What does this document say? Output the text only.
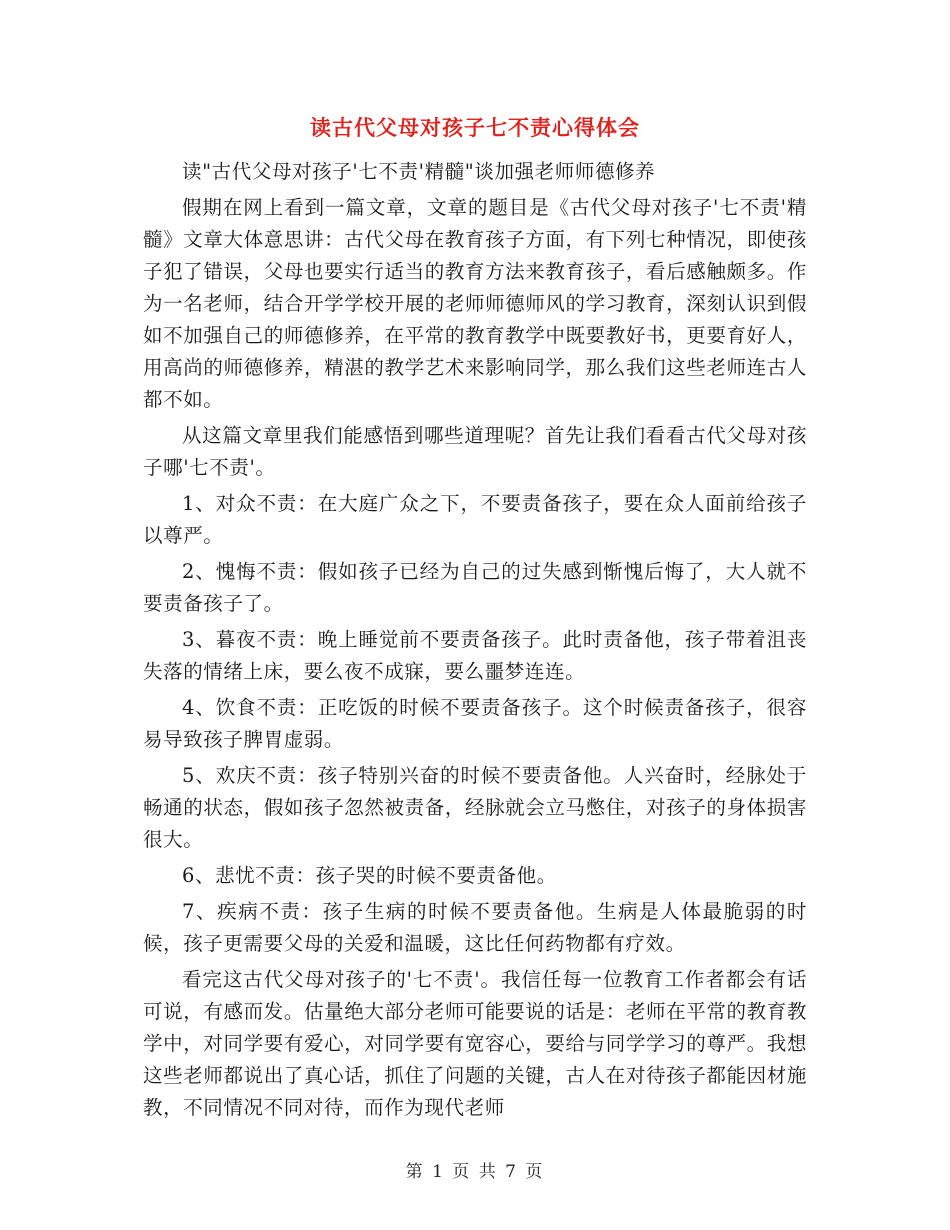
读古代父母对孩子七不责心得体会

读"古代父母对孩子'七不责'精髓"谈加强老师师德修养

假期在网上看到一篇文章，文章的题目是《古代父母对孩子'七不责'精髓》文章大体意思讲：古代父母在教育孩子方面，有下列七种情况，即使孩子犯了错误，父母也要实行适当的教育方法来教育孩子，看后感触颇多。作为一名老师，结合开学学校开展的老师师德师风的学习教育，深刻认识到假如不加强自己的师德修养，在平常的教育教学中既要教好书，更要育好人，用高尚的师德修养，精湛的教学艺术来影响同学，那么我们这些老师连古人都不如。

从这篇文章里我们能感悟到哪些道理呢？首先让我们看看古代父母对孩子哪'七不责'。

1、对众不责：在大庭广众之下，不要责备孩子，要在众人面前给孩子以尊严。

2、愧悔不责：假如孩子已经为自己的过失感到惭愧后悔了，大人就不要责备孩子了。

3、暮夜不责：晚上睡觉前不要责备孩子。此时责备他，孩子带着沮丧失落的情绪上床，要么夜不成寐，要么噩梦连连。

4、饮食不责：正吃饭的时候不要责备孩子。这个时候责备孩子，很容易导致孩子脾胃虚弱。

5、欢庆不责：孩子特别兴奋的时候不要责备他。人兴奋时，经脉处于畅通的状态，假如孩子忽然被责备，经脉就会立马憋住，对孩子的身体损害很大。

6、悲忧不责：孩子哭的时候不要责备他。

7、疾病不责：孩子生病的时候不要责备他。生病是人体最脆弱的时候，孩子更需要父母的关爱和温暖，这比任何药物都有疗效。

看完这古代父母对孩子的'七不责'。我信任每一位教育工作者都会有话可说，有感而发。估量绝大部分老师可能要说的话是：老师在平常的教育教学中，对同学要有爱心，对同学要有宽容心，要给与同学学习的尊严。我想这些老师都说出了真心话，抓住了问题的关键，古人在对待孩子都能因材施教，不同情况不同对待，而作为现代老师

第 1 页 共 7 页
